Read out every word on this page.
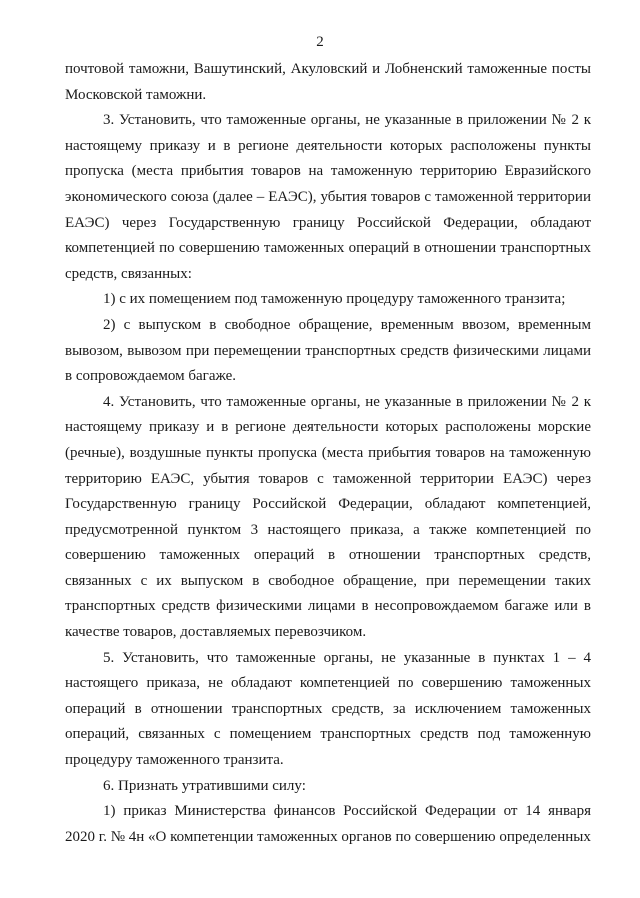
2

почтовой таможни, Вашутинский, Акуловский и Лобненский таможенные посты Московской таможни.

3. Установить, что таможенные органы, не указанные в приложении № 2 к настоящему приказу и в регионе деятельности которых расположены пункты пропуска (места прибытия товаров на таможенную территорию Евразийского экономического союза (далее – ЕАЭС), убытия товаров с таможенной территории ЕАЭС) через Государственную границу Российской Федерации, обладают компетенцией по совершению таможенных операций в отношении транспортных средств, связанных:

1) с их помещением под таможенную процедуру таможенного транзита;

2) с выпуском в свободное обращение, временным ввозом, временным вывозом, вывозом при перемещении транспортных средств физическими лицами в сопровождаемом багаже.

4. Установить, что таможенные органы, не указанные в приложении № 2 к настоящему приказу и в регионе деятельности которых расположены морские (речные), воздушные пункты пропуска (места прибытия товаров на таможенную территорию ЕАЭС, убытия товаров с таможенной территории ЕАЭС) через Государственную границу Российской Федерации, обладают компетенцией, предусмотренной пунктом 3 настоящего приказа, а также компетенцией по совершению таможенных операций в отношении транспортных средств, связанных с их выпуском в свободное обращение, при перемещении таких транспортных средств физическими лицами в несопровождаемом багаже или в качестве товаров, доставляемых перевозчиком.

5. Установить, что таможенные органы, не указанные в пунктах 1 – 4 настоящего приказа, не обладают компетенцией по совершению таможенных операций в отношении транспортных средств, за исключением таможенных операций, связанных с помещением транспортных средств под таможенную процедуру таможенного транзита.

6. Признать утратившими силу:

1) приказ Министерства финансов Российской Федерации от 14 января 2020 г. № 4н «О компетенции таможенных органов по совершению определенных
